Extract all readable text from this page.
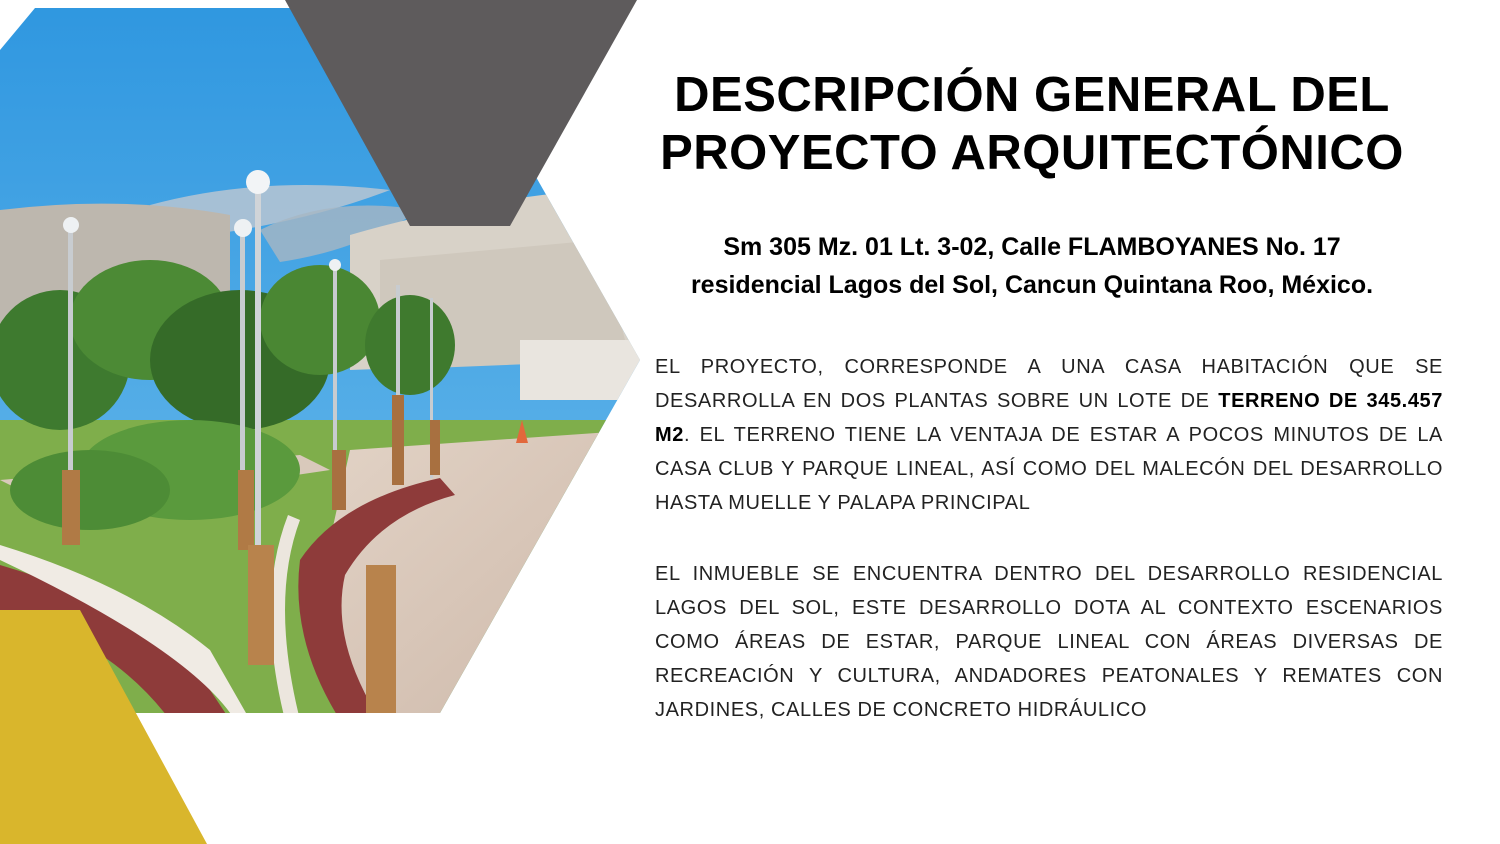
DESCRIPCIÓN GENERAL DEL
PROYECTO ARQUITECTÓNICO
Sm 305 Mz. 01 Lt. 3-02, Calle FLAMBOYANES No. 17
residencial Lagos del Sol, Cancun Quintana Roo, México.

EL PROYECTO, CORRESPONDE A UNA CASA HABITACIÓN QUE SE DESARROLLA EN DOS PLANTAS SOBRE UN LOTE DE TERRENO DE 345.457 M2. EL TERRENO TIENE LA VENTAJA DE ESTAR A POCOS MINUTOS DE LA CASA CLUB Y PARQUE LINEAL, ASÍ COMO DEL MALECÓN DEL DESARROLLO HASTA MUELLE Y PALAPA PRINCIPAL

EL INMUEBLE SE ENCUENTRA DENTRO DEL DESARROLLO RESIDENCIAL LAGOS DEL SOL, ESTE DESARROLLO DOTA AL CONTEXTO ESCENARIOS COMO ÁREAS DE ESTAR, PARQUE LINEAL CON ÁREAS DIVERSAS DE RECREACIÓN Y CULTURA, ANDADORES PEATONALES Y REMATES CON JARDINES, CALLES DE CONCRETO HIDRÁULICO
